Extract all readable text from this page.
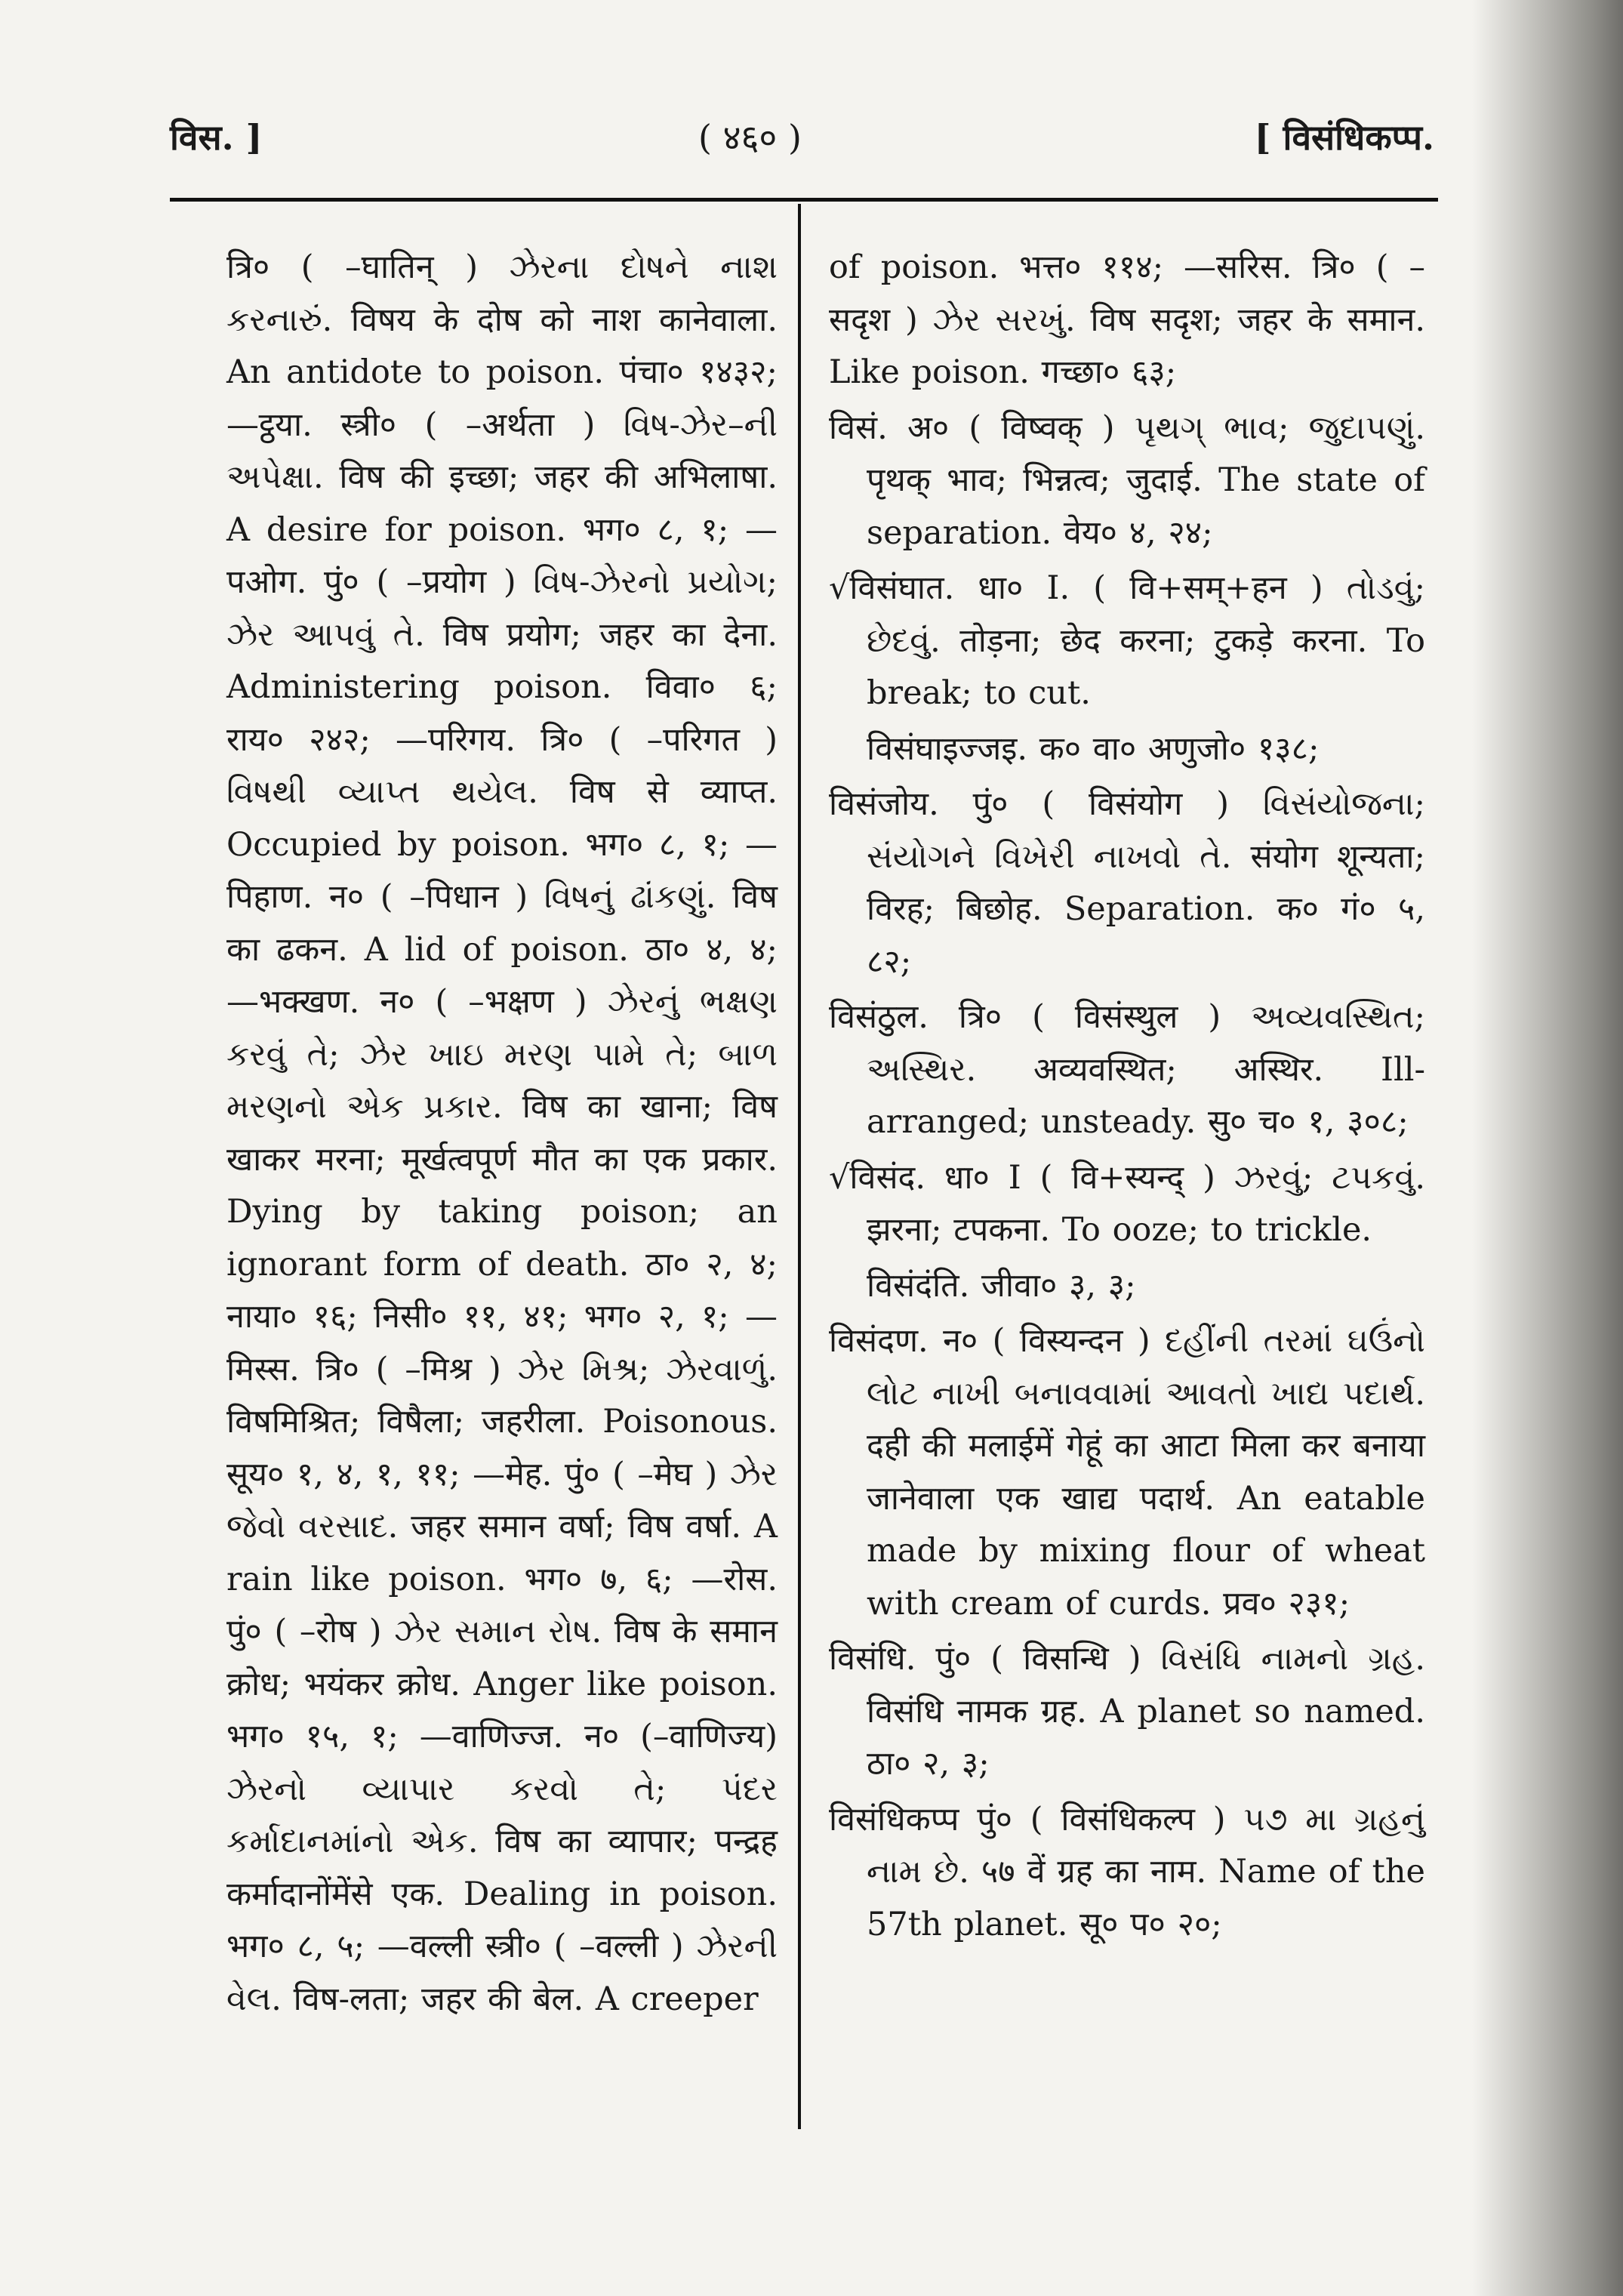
विस. ]	( ४६० )	[ विसंधिकप्प.

त्रि० ( –घातिन् ) ઝેરના દોષને નાશ કરનારું. विषय के दोष को नाश कानेवाला. An antidote to poison. पंचा० १४३२; —ट्ठया. स्त्री० ( –अर्थता ) વિષ-ઝેર–ની અપેક્ષા. विष की इच्छा; जहर की अभिलाषा. A desire for poison. भग० ८, १; —पओग. पुं० ( –प्रयोग ) વિષ-ઝેરનો પ્રયોગ; ઝેર આપવું તે. विष प्रयोग; जहर का देना. Administering poison. विवा० ६; राय० २४२; —परिगय. त्रि० ( –परिगत ) વિષથી વ્યાપ્ત થયેલ. विष से व्याप्त. Occupied by poison. भग० ८, १; —पिहाण. न० ( –पिधान ) વિષનું ઢાંકણું. विष का ढकन. A lid of poison. ठा० ४, ४; —भक्खण. न० ( –भक्षण ) ઝેરનું ભક્ષણ કરવું તે; ઝેર ખાઇ મરણ પામે તે; બાળ મરણનો એક પ્રકાર. विष का खाना; विष खाकर मरना; मूर्खत्वपूर्ण मौत का एक प्रकार. Dying by taking poison; an ignorant form of death. ठा० २, ४; नाया० १६; निसी० ११, ४१; भग० २, १; —मिस्स. त्रि० ( –मिश्र ) ઝેર મિશ્ર; ઝેરવાળું. विषमिश्रित; विषैला; जहरीला. Poisonous. सूय० १, ४, १, ११; —मेह. पुं० ( –मेघ ) ઝેર જેવો વરસાદ. जहर समान वर्षा; विष वर्षा. A rain like poison. भग० ७, ६; —रोस. पुं० ( –रोष ) ઝેર સમાન રોષ. विष के समान क्रोध; भयंकर क्रोध. Anger like poison. भग० १५, १; —वाणिज्ज. न० (–वाणिज्य) ઝેરનો વ્યાપાર કરવો તે; પંદર કર્માદાનમાંનો એક. विष का व्यापार; पन्द्रह कर्मादानोंमेंसे एक. Dealing in poison. भग० ८, ५; —वल्ली स्त्री० ( –वल्ली ) ઝેરની વેલ. विष-लता; जहर की बेल. A creeper

of poison. भत्त० ११४; —सरिस. त्रि० ( –सदृश ) ઝેર સરખું. विष सदृश; जहर के समान. Like poison. गच्छा० ६३;

विसं. अ० ( विष्वक् ) પૃથગ્ ભાવ; જુદાપણું. पृथक् भाव; भिन्नत्व; जुदाई. The state of separation. वेय० ४, २४;

√विसंघात. धा० I. ( वि+सम्+हन ) તોડવું; છેદવું. तोड़ना; छेद करना; टुकड़े करना. To break; to cut.

विसंघाइज्जइ. क० वा० अणुजो० १३८;

विसंजोय. पुं० ( विसंयोग ) વિસંયોજના; સંયોગને વિખેરી નાખવો તે. संयोग शून्यता; विरह; बिछोह. Separation. क० गं० ५, ८२;

विसंठुल. त्रि० ( विसंस्थुल ) અવ્યવસ્થિત; અસ્થિર. अव्यवस्थित; अस्थिर. Ill-arranged; unsteady. सु० च० १, ३०८;

√विसंद. धा० I ( वि+स्यन्द् ) ઝરવું; ટપકવું. झरना; टपकना. To ooze; to trickle.

विसंदंति. जीवा० ३, ३;

विसंदण. न० ( विस्यन्दन ) દહીંની તરમાં ઘઉંનો લોટ નાખી બનાવવામાં આવતો ખાદ્ય પદાર્થ. दही की मलाईमें गेहूं का आटा मिला कर बनाया जानेवाला एक खाद्य पदार्थ. An eatable made by mixing flour of wheat with cream of curds. प्रव० २३१;

विसंधि. पुं० ( विसन्धि ) વિસંધિ નામનો ગ્રહ. विसंधि नामक ग्रह. A planet so named. ठा० २, ३;

विसंधिकप्प पुं० ( विसंधिकल्प ) ૫૭ મા ગ્રહનું નામ છે. ५७ वें ग्रह का नाम. Name of the 57th planet. सू० प० २०;
